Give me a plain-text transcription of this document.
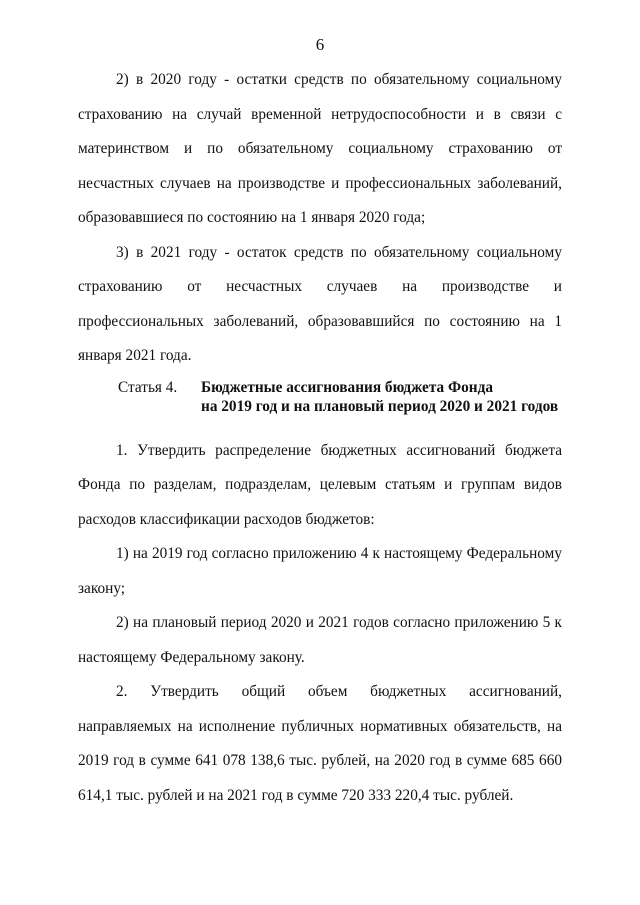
6

2) в 2020 году - остатки средств по обязательному социальному страхованию на случай временной нетрудоспособности и в связи с материнством и по обязательному социальному страхованию от несчастных случаев на производстве и профессиональных заболеваний, образовавшиеся по состоянию на 1 января 2020 года;

3) в 2021 году - остаток средств по обязательному социальному страхованию от несчастных случаев на производстве и профессиональных заболеваний, образовавшийся по состоянию на 1 января 2021 года.

Статья 4. Бюджетные ассигнования бюджета Фонда
на 2019 год и на плановый период 2020 и 2021 годов

1. Утвердить распределение бюджетных ассигнований бюджета Фонда по разделам, подразделам, целевым статьям и группам видов расходов классификации расходов бюджетов:

1) на 2019 год согласно приложению 4 к настоящему Федеральному закону;

2) на плановый период 2020 и 2021 годов согласно приложению 5 к настоящему Федеральному закону.

2. Утвердить общий объем бюджетных ассигнований, направляемых на исполнение публичных нормативных обязательств, на 2019 год в сумме 641 078 138,6 тыс. рублей, на 2020 год в сумме 685 660 614,1 тыс. рублей и на 2021 год в сумме 720 333 220,4 тыс. рублей.
